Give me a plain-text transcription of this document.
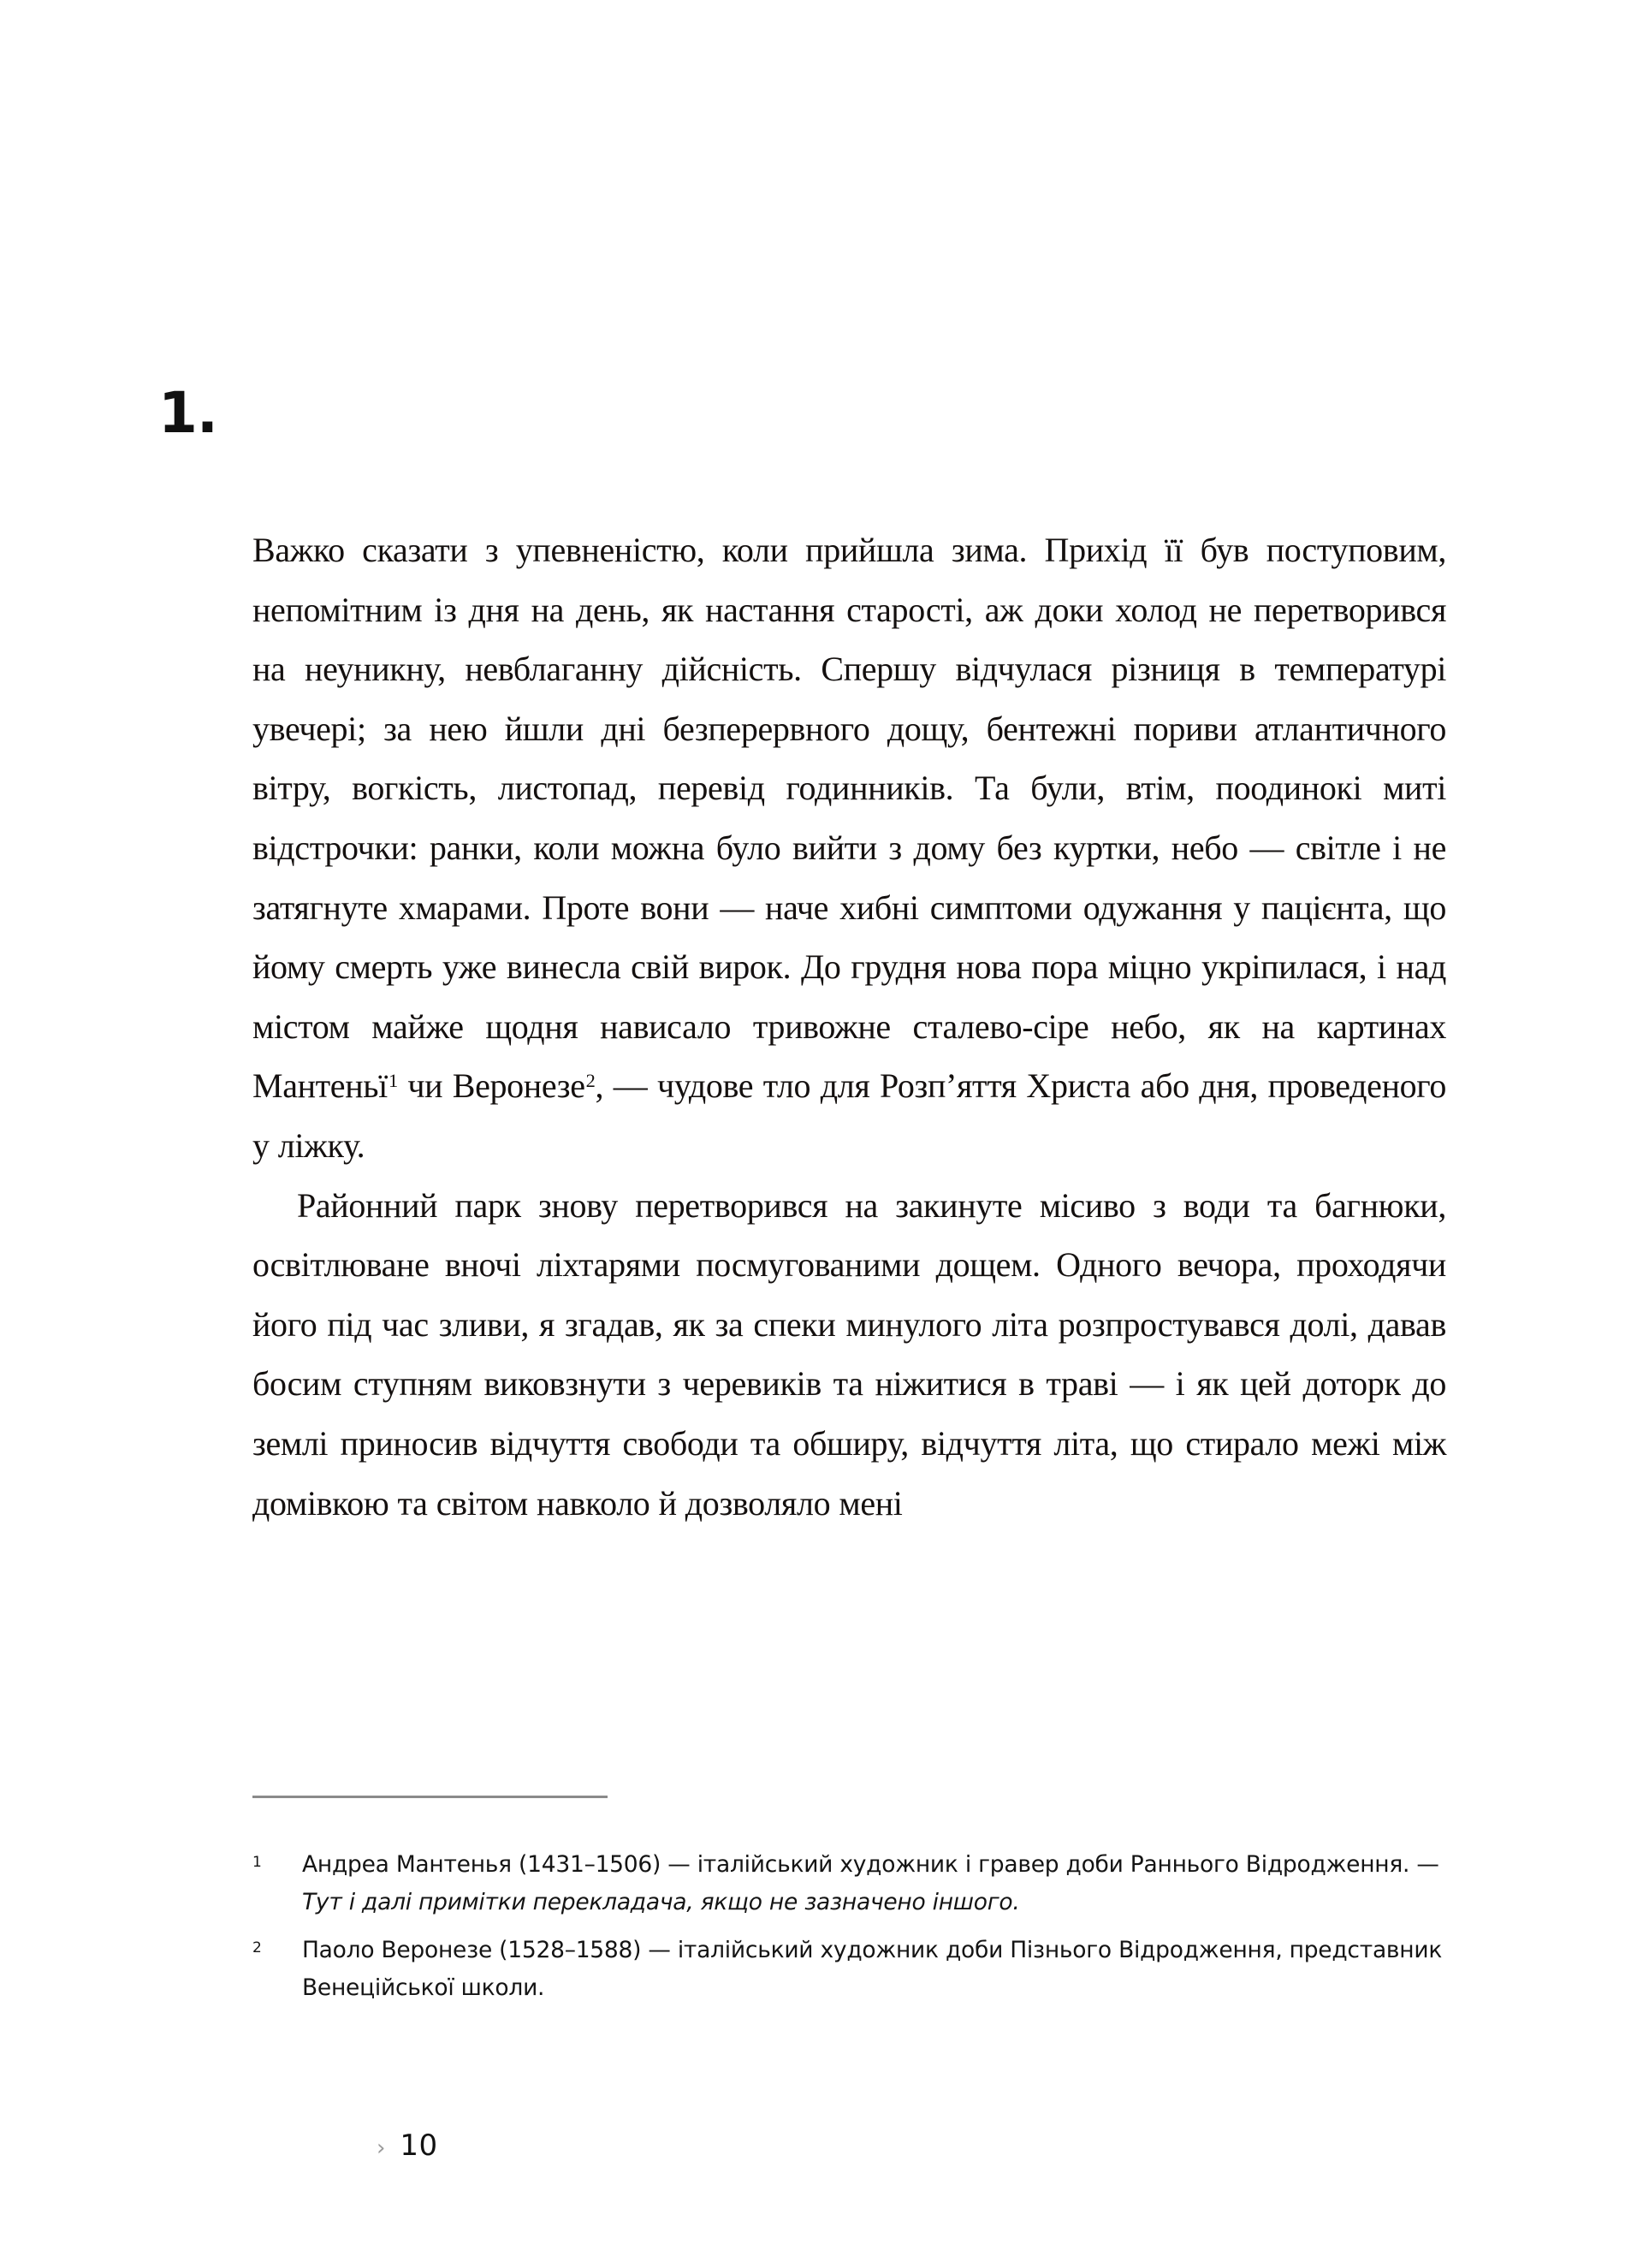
1.

Важко сказати з упевненістю, коли прийшла зима. Прихід її був поступовим, непомітним із дня на день, як настання старості, аж доки холод не перетворився на неуникну, невблаганну дійсність. Спершу відчулася різниця в температурі увечері; за нею йшли дні безперервного дощу, бентежні пориви атлантичного вітру, вогкість, листопад, перевід годинників. Та були, втім, поодинокі миті відстрочки: ранки, коли можна було вийти з дому без куртки, небо — світле і не затягнуте хмарами. Проте вони — наче хибні симптоми одужання у пацієнта, що йому смерть уже винесла свій вирок. До грудня нова пора міцно укріпилася, і над містом майже щодня нависало тривожне сталево-сіре небо, як на картинах Мантеньї$^1$ чи Веронезе$^2$, — чудове тло для Розп’яття Христа або дня, проведеного у ліжку.

Районний парк знову перетворився на закинуте місиво з води та багнюки, освітлюване вночі ліхтарями посмугованими дощем. Одного вечора, проходячи його під час зливи, я згадав, як за спеки минулого літа розпростувався долі, давав босим ступням виковзнути з черевиків та ніжитися в траві — і як цей доторк до землі приносив відчуття свободи та обширу, відчуття літа, що стирало межі між домівкою та світом навколо й дозволяло мені

1	Андреа Мантенья (1431–1506) — італійський художник і гравер доби Раннього Відродження. — Тут і далі примітки перекладача, якщо не зазначено іншого.
2	Паоло Веронезе (1528–1588) — італійський художник доби Пізнього Відродження, представник Венеційської школи.
› 10
